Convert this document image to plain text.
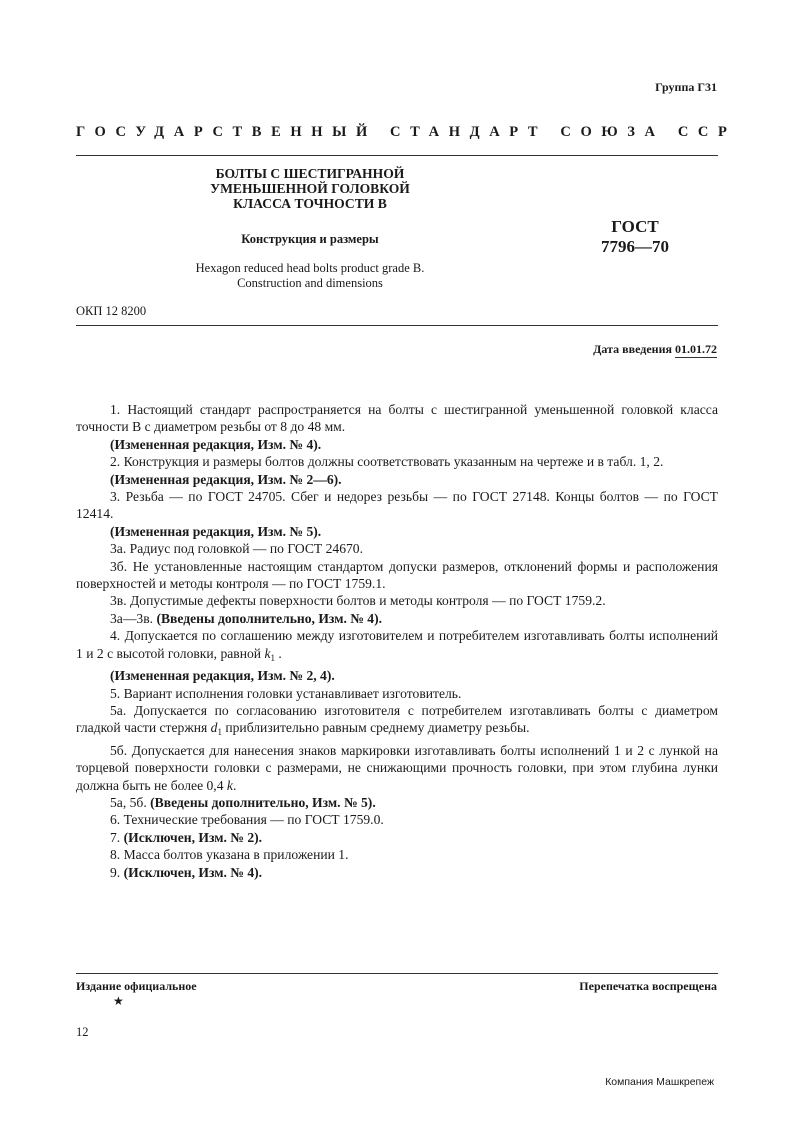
Группа Г31
ГОСУДАРСТВЕННЫЙ СТАНДАРТ СОЮЗА ССР
БОЛТЫ С ШЕСТИГРАННОЙ
УМЕНЬШЕННОЙ ГОЛОВКОЙ
КЛАССА ТОЧНОСТИ В
Конструкция и размеры
Hexagon reduced head bolts product grade B.
Construction and dimensions
ГОСТ
7796—70
ОКП 12 8200
Дата введения 01.01.72

1. Настоящий стандарт распространяется на болты с шестигранной уменьшенной головкой класса точности В с диаметром резьбы от 8 до 48 мм.

(Измененная редакция, Изм. № 4).

2. Конструкция и размеры болтов должны соответствовать указанным на чертеже и в табл. 1, 2.

(Измененная редакция, Изм. № 2—6).

3. Резьба — по ГОСТ 24705. Сбег и недорез резьбы — по ГОСТ 27148. Концы болтов — по ГОСТ 12414.

(Измененная редакция, Изм. № 5).

3а. Радиус под головкой — по ГОСТ 24670.

3б. Не установленные настоящим стандартом допуски размеров, отклонений формы и расположения поверхностей и методы контроля — по ГОСТ 1759.1.

3в. Допустимые дефекты поверхности болтов и методы контроля — по ГОСТ 1759.2.

3а—3в. (Введены дополнительно, Изм. № 4).

4. Допускается по соглашению между изготовителем и потребителем изготавливать болты исполнений 1 и 2 с высотой головки, равной $k_1$ .

(Измененная редакция, Изм. № 2, 4).

5. Вариант исполнения головки устанавливает изготовитель.

5а. Допускается по согласованию изготовителя с потребителем изготавливать болты с диаметром гладкой части стержня $d_1$ приблизительно равным среднему диаметру резьбы.

5б. Допускается для нанесения знаков маркировки изготавливать болты исполнений 1 и 2 с лункой на торцевой поверхности головки с размерами, не снижающими прочность головки, при этом глубина лунки должна быть не более 0,4 k.

5а, 5б. (Введены дополнительно, Изм. № 5).

6. Технические требования — по ГОСТ 1759.0.

7. (Исключен, Изм. № 2).

8. Масса болтов указана в приложении 1.

9. (Исключен, Изм. № 4).

Издание официальное	Перепечатка воспрещена
★
12
Компания Машкрепеж
